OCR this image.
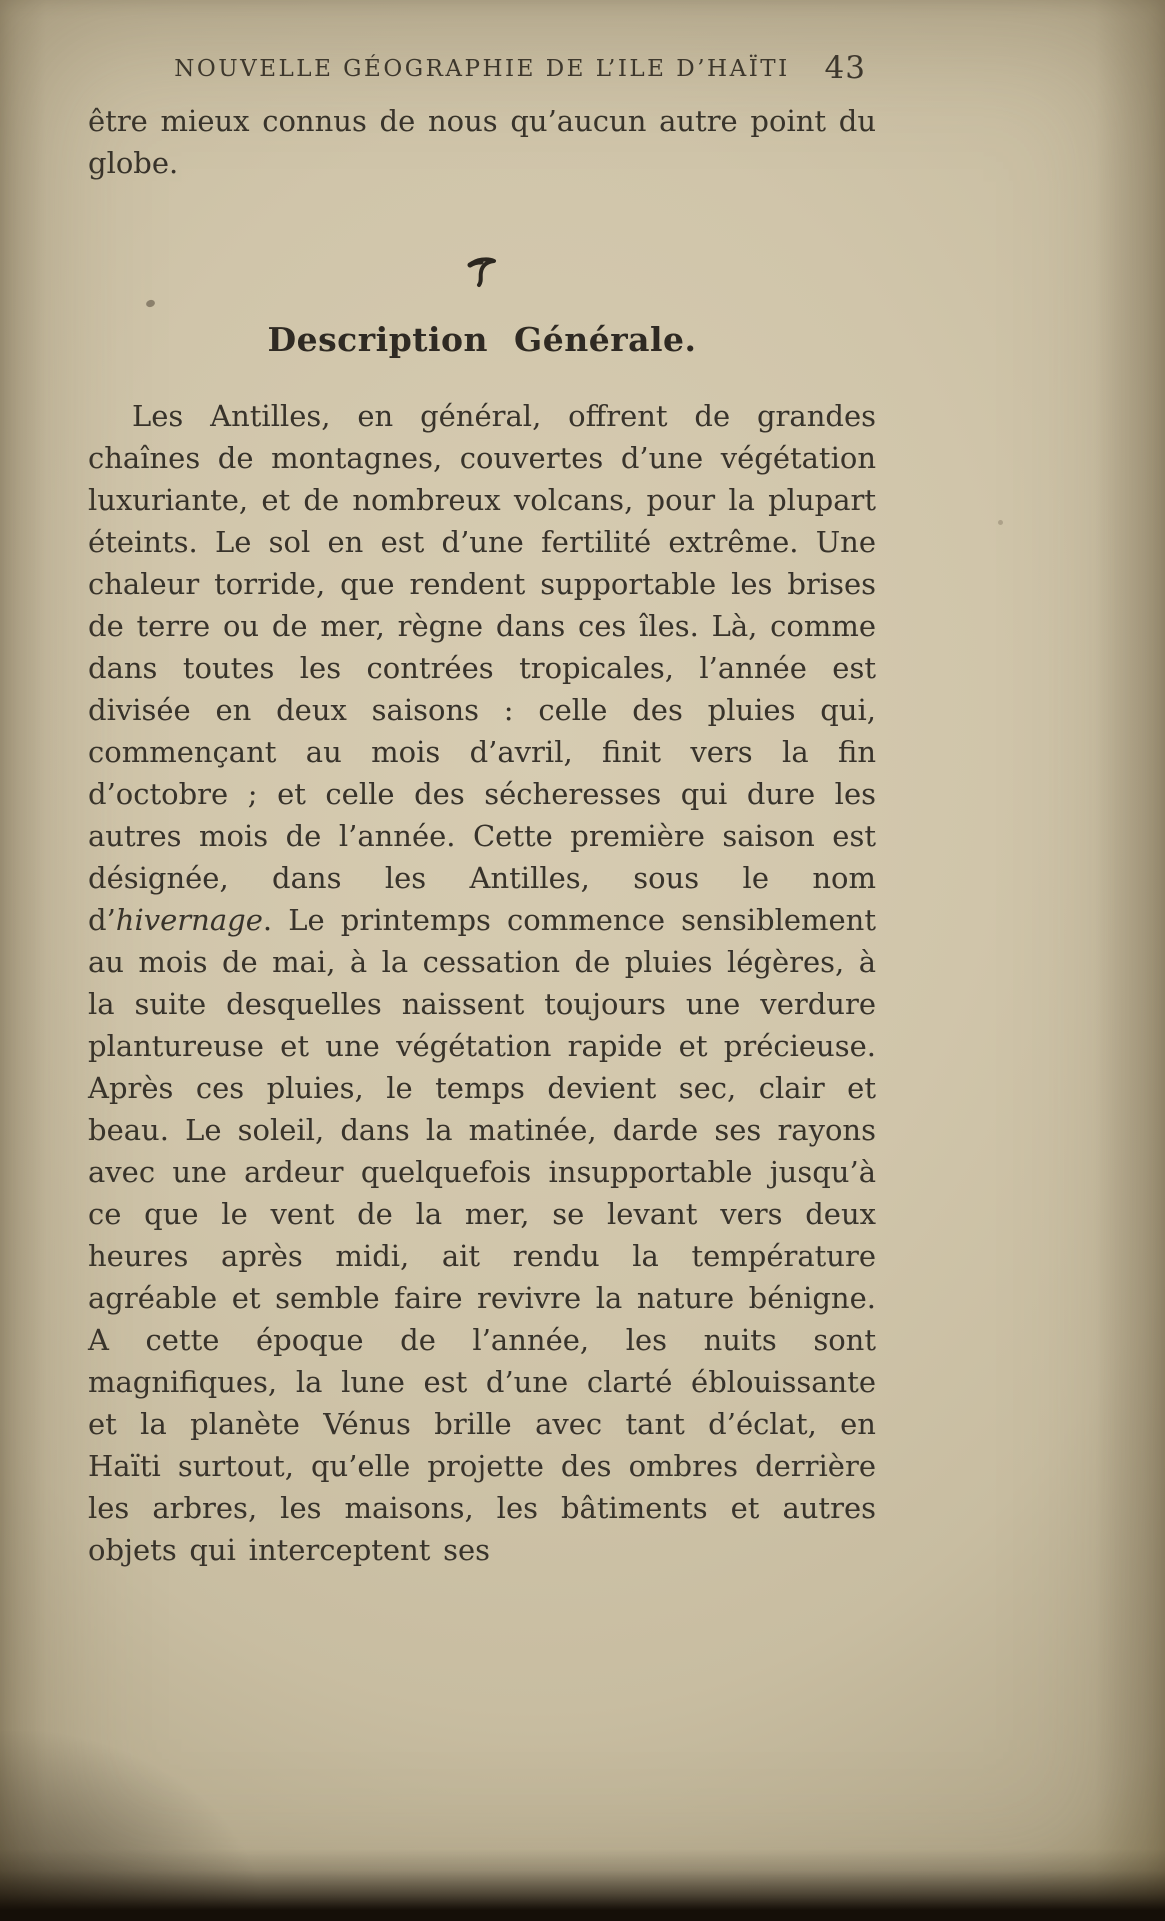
NOUVELLE GÉOGRAPHIE DE L’ILE D’HAÏTI 43

être mieux connus de nous qu’aucun autre point du globe.

Description Générale.

Les Antilles, en général, offrent de grandes chaînes de montagnes, couvertes d’une végétation luxuriante, et de nombreux volcans, pour la plupart éteints. Le sol en est d’une fertilité extrême. Une chaleur torride, que rendent supportable les brises de terre ou de mer, règne dans ces îles. Là, comme dans toutes les contrées tropicales, l’année est divisée en deux saisons : celle des pluies qui, commençant au mois d’avril, finit vers la fin d’octobre ; et celle des sécheresses qui dure les autres mois de l’année. Cette première saison est désignée, dans les Antilles, sous le nom d’hivernage. Le printemps commence sensiblement au mois de mai, à la cessation de pluies légères, à la suite desquelles naissent toujours une verdure plantureuse et une végétation rapide et précieuse. Après ces pluies, le temps devient sec, clair et beau. Le soleil, dans la matinée, darde ses rayons avec une ardeur quelquefois insupportable jusqu’à ce que le vent de la mer, se levant vers deux heures après midi, ait rendu la température agréable et semble faire revivre la nature bénigne. A cette époque de l’année, les nuits sont magnifiques, la lune est d’une clarté éblouissante et la planète Vénus brille avec tant d’éclat, en Haïti surtout, qu’elle projette des ombres derrière les arbres, les maisons, les bâtiments et autres objets qui interceptent ses
